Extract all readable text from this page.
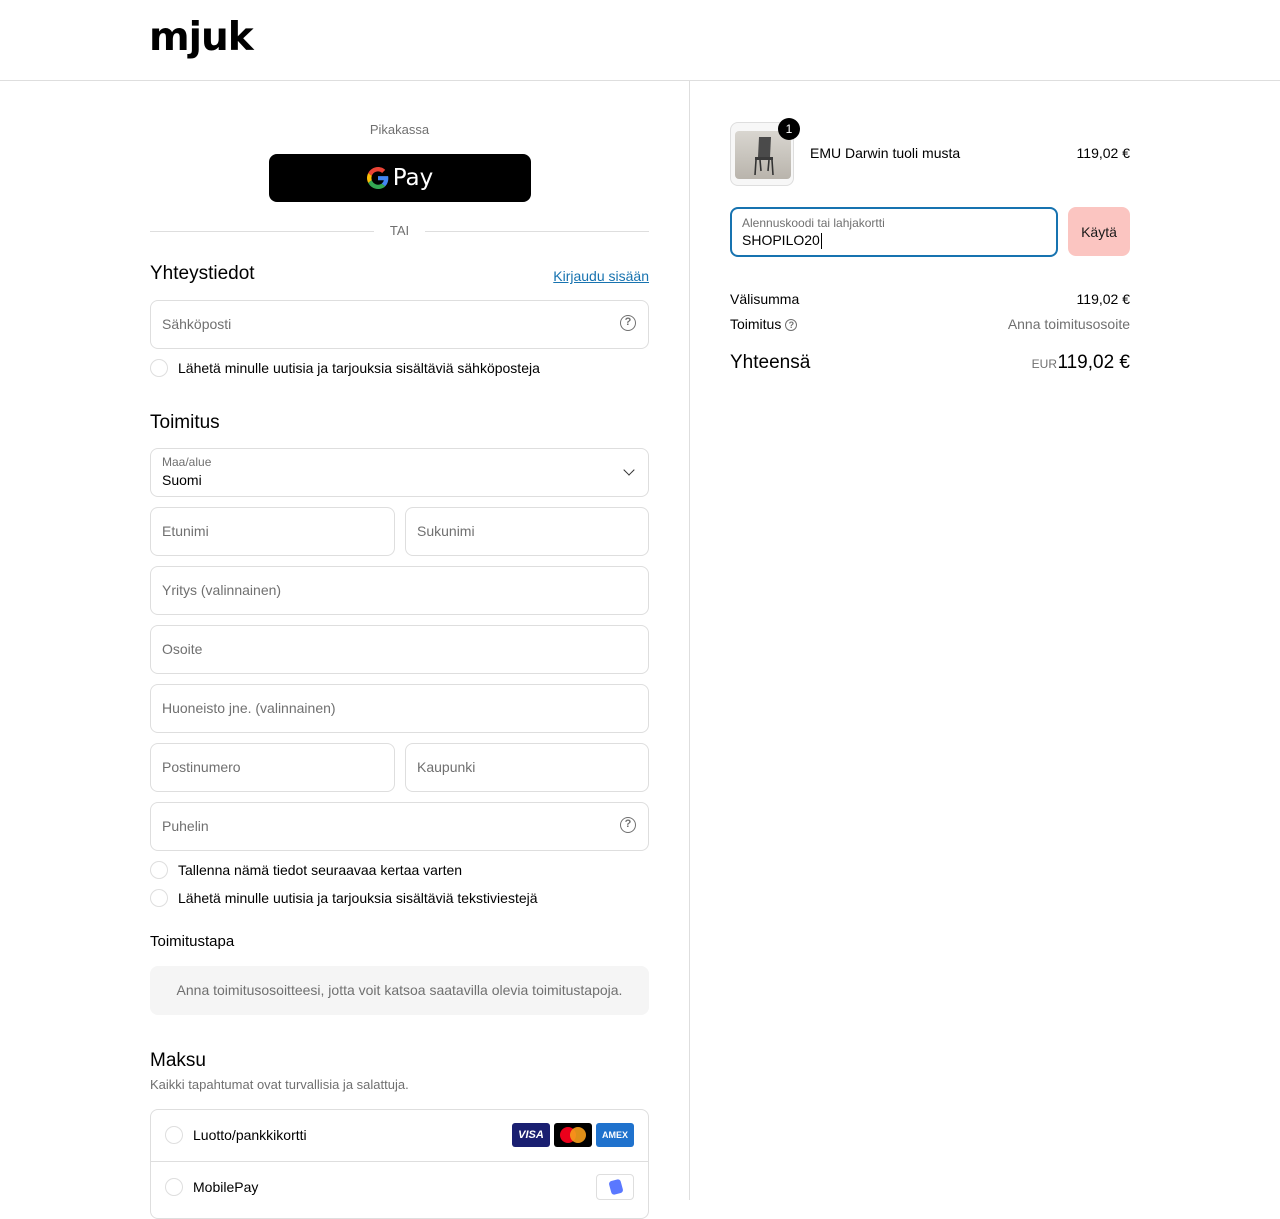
mjuk
Pikakassa
Pay
TAI
Yhteystiedot	Kirjaudu sisään
Sähköposti	?
Lähetä minulle uutisia ja tarjouksia sisältäviä sähköposteja
Toimitus
Maa/alue
Suomi
Etunimi	Sukunimi
Yritys (valinnainen)
Osoite
Huoneisto jne. (valinnainen)
Postinumero	Kaupunki
Puhelin	?
Tallenna nämä tiedot seuraavaa kertaa varten
Lähetä minulle uutisia ja tarjouksia sisältäviä tekstiviestejä
Toimitustapa
Anna toimitusosoitteesi, jotta voit katsoa saatavilla olevia toimitustapoja.
Maksu
Kaikki tapahtumat ovat turvallisia ja salattuja.
Luotto/pankkikortti	VISA	AMEX
MobilePay
1
EMU Darwin tuoli musta	119,02 €
Alennuskoodi tai lahjakortti
SHOPILO20
Käytä
Välisumma	119,02 €
Toimitus ?	Anna toimitusosoite
Yhteensä	EUR 119,02 €
